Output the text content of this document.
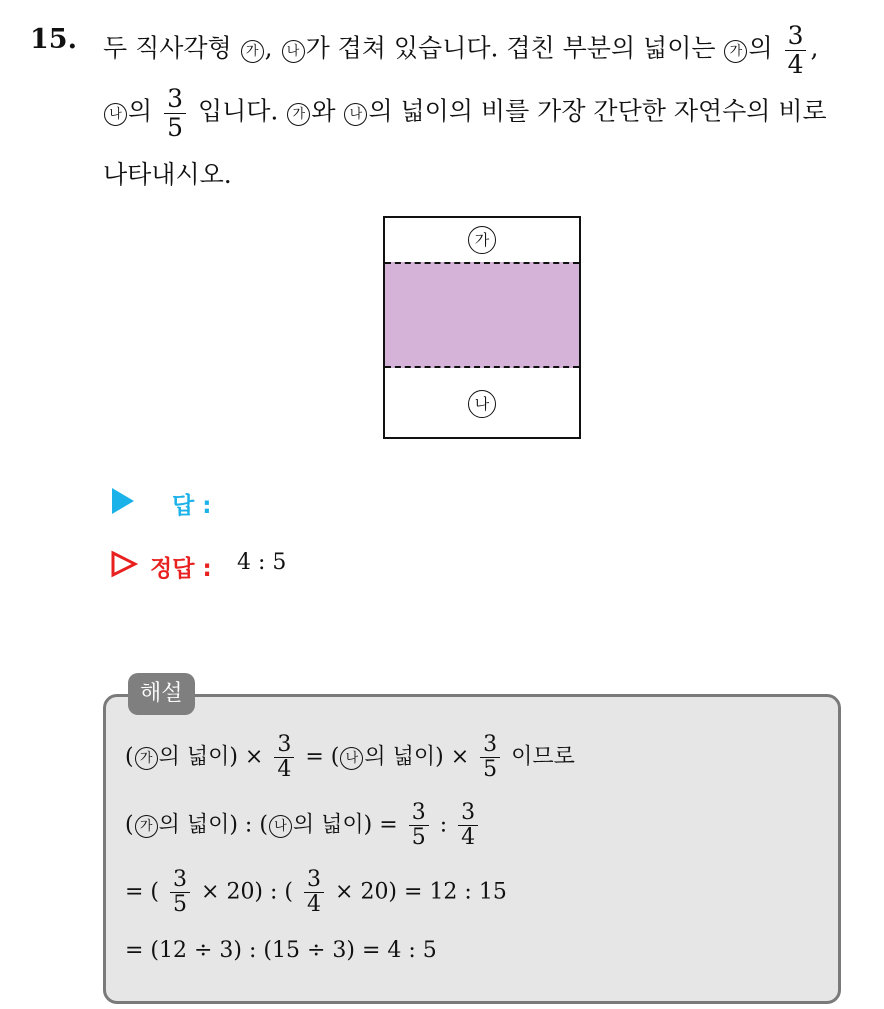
15. 두 직사각형 가 , 나 가 겹쳐 있습니다. 겹친 부분의 넓이는 가 의 $\frac{3}{4}$ ,
나 의 $\frac{3}{5}$ 입니다. 가 와 나 의 넓이의 비를 가장 간단한 자연수의 비로
나타내시오.
가
나
답 :
정답 : 4 : 5
해설
( 가 의 넓이) × $\frac{3}{4}$ = ( 나 의 넓이) × $\frac{3}{5}$ 이므로
( 가 의 넓이) : ( 나 의 넓이) = $\frac{3}{5}$ : $\frac{3}{4}$
= ( $\frac{3}{5} \times 20$) : ( $\frac{3}{4} \times 20) = 12$ : 15
= (12 ÷ 3) : (15 ÷ 3) = 4 : 5
